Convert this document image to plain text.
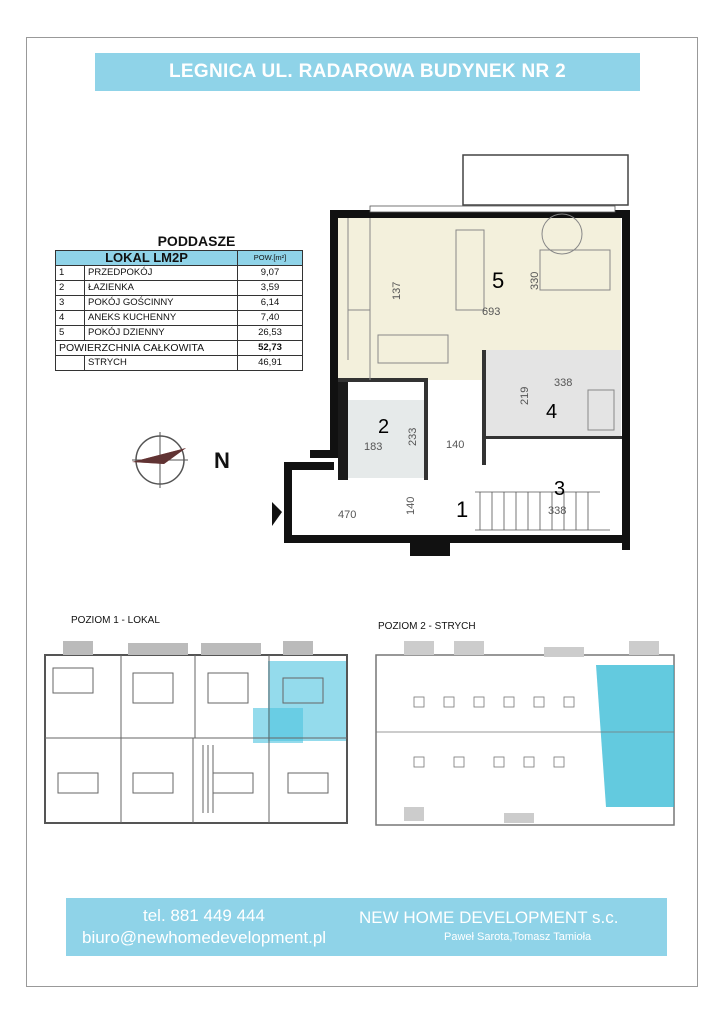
LEGNICA UL. RADAROWA BUDYNEK NR 2
PODDASZE
LOKAL LM2P		POW.[m²]
1	PRZEDPOKÓJ	9,07
2	ŁAZIENKA	3,59
3	POKÓJ GOŚCINNY	6,14
4	ANEKS KUCHENNY	7,40
5	POKÓJ DZIENNY	26,53
POWIERZCHNIA CAŁKOWITA		52,73
	STRYCH	46,91
1
2
3
4
5
137
330
693
338
219
183
233 140
140
470	338
N
POZIOM 1 - LOKAL
POZIOM 2 - STRYCH
tel. 881 449 444
biuro@newhomedevelopment.pl
NEW HOME DEVELOPMENT s.c.
Paweł Sarota,Tomasz Tamioła
